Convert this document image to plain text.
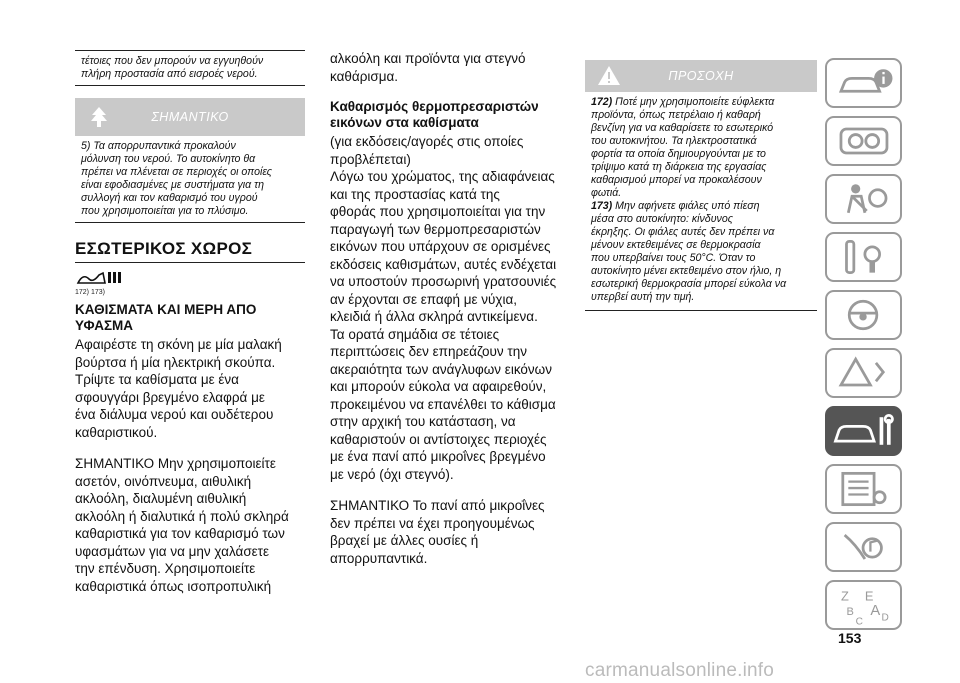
τέτοιες που δεν μπορούν να εγγυηθούν
πλήρη προστασία από εισροές νερού.
ΣΗΜΑΝΤΙΚΟ
5) Τα απορρυπαντικά προκαλούν
μόλυνση του νερού. Το αυτοκίνητο θα
πρέπει να πλένεται σε περιοχές οι οποίες
είναι εφοδιασμένες με συστήματα για τη
συλλογή και τον καθαρισμό του υγρού
που χρησιμοποιείται για το πλύσιμο.
ΕΣΩΤΕΡΙΚΟΣ ΧΩΡΟΣ
172) 173)
ΚΑΘΙΣΜΑΤΑ ΚΑΙ ΜΕΡΗ ΑΠΟ
ΥΦΑΣΜΑ
Αφαιρέστε τη σκόνη με μία μαλακή
βούρτσα ή μία ηλεκτρική σκούπα.
Τρίψτε τα καθίσματα με ένα
σφουγγάρι βρεγμένο ελαφρά με
ένα διάλυμα νερού και ουδέτερου
καθαριστικού.
ΣΗΜΑΝΤΙΚΟ Μην χρησιμοποιείτε
ασετόν, οινόπνευμα, αιθυλική
ακλοόλη, διαλυμένη αιθυλική
ακλοόλη ή διαλυτικά ή πολύ σκληρά
καθαριστικά για τον καθαρισμό των
υφασμάτων για να μην χαλάσετε
την επένδυση. Χρησιμοποιείτε
καθαριστικά όπως ισοπροπυλική
αλκοόλη και προϊόντα για στεγνό
καθάρισμα.
Καθαρισμός θερμοπρεσαριστών
εικόνων στα καθίσματα
(για εκδόσεις/αγορές στις οποίες
προβλέπεται)
Λόγω του χρώματος, της αδιαφάνειας
και της προστασίας κατά της
φθοράς που χρησιμοποιείται για την
παραγωγή των θερμοπρεσαριστών
εικόνων που υπάρχουν σε ορισμένες
εκδόσεις καθισμάτων, αυτές ενδέχεται
να υποστούν προσωρινή γρατσουνιές
αν έρχονται σε επαφή με νύχια,
κλειδιά ή άλλα σκληρά αντικείμενα.
Τα ορατά σημάδια σε τέτοιες
περιπτώσεις δεν επηρεάζουν την
ακεραιότητα των ανάγλυφων εικόνων
και μπορούν εύκολα να αφαιρεθούν,
προκειμένου να επανέλθει το κάθισμα
στην αρχική του κατάσταση, να
καθαριστούν οι αντίστοιχες περιοχές
με ένα πανί από μικροΐνες βρεγμένο
με νερό (όχι στεγνό).
ΣΗΜΑΝΤΙΚΟ Το πανί από μικροΐνες
δεν πρέπει να έχει προηγουμένως
βραχεί με άλλες ουσίες ή
απορρυπαντικά.
ΠΡΟΣΟΧΗ
172) Ποτέ μην χρησιμοποιείτε εύφλεκτα
προϊόντα, όπως πετρέλαιο ή καθαρή
βενζίνη για να καθαρίσετε το εσωτερικό
του αυτοκινήτου. Τα ηλεκτροστατικά
φορτία τα οποία δημιουργούνται με το
τρίψιμο κατά τη διάρκεια της εργασίας
καθαρισμού μπορεί να προκαλέσουν
φωτιά.
173) Μην αφήνετε φιάλες υπό πίεση
μέσα στο αυτοκίνητο: κίνδυνος
έκρηξης. Οι φιάλες αυτές δεν πρέπει να
μένουν εκτεθειμένες σε θερμοκρασία
που υπερβαίνει τους 50°C. Όταν το
αυτοκίνητο μένει εκτεθειμένο στον ήλιο, η
εσωτερική θερμοκρασία μπορεί εύκολα να
υπερβεί αυτή την τιμή.
Z E
B A D
C
153
carmanualsonline.info
